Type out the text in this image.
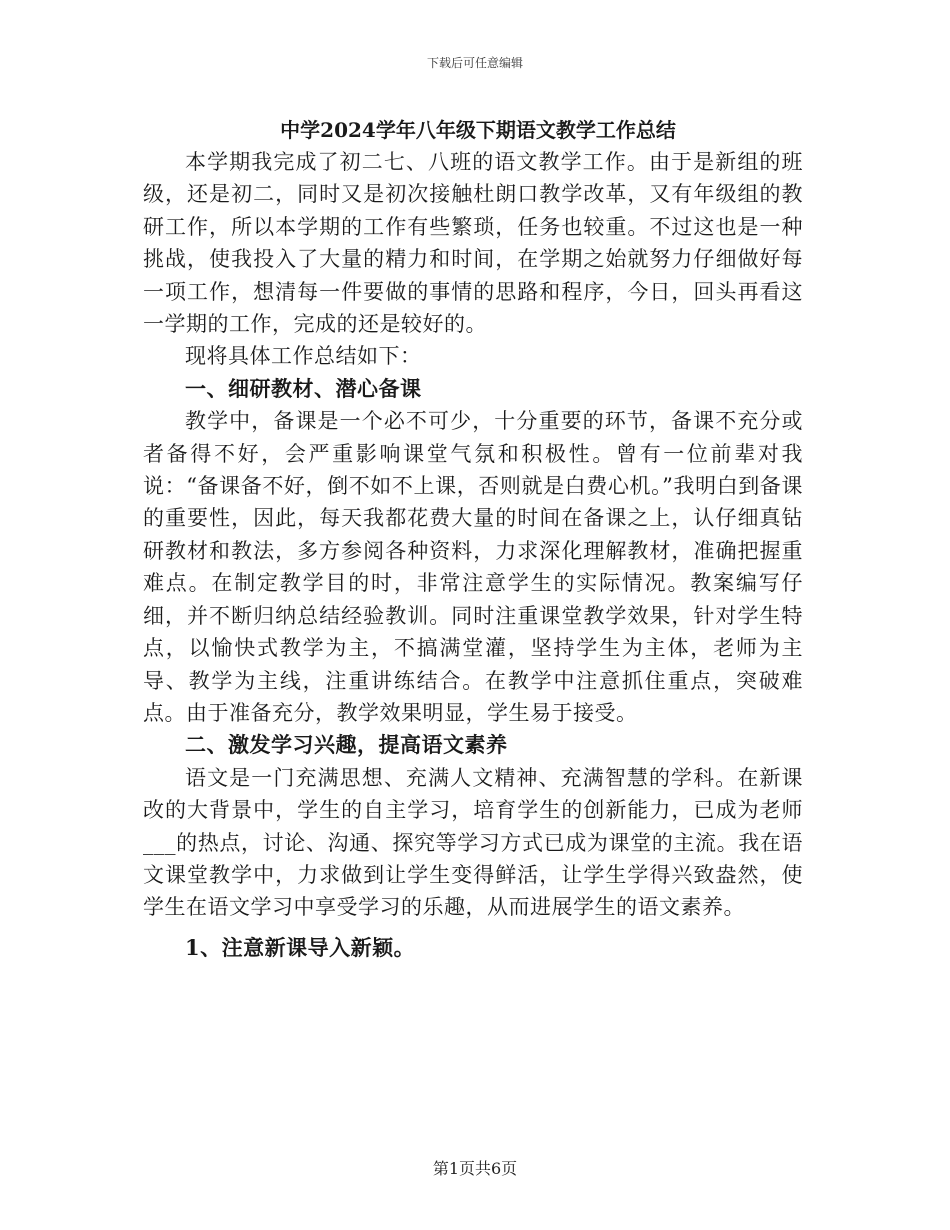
下载后可任意编辑
中学2024学年八年级下期语文教学工作总结

本学期我完成了初二七、八班的语文教学工作。由于是新组的班级，还是初二，同时又是初次接触杜朗口教学改革，又有年级组的教研工作，所以本学期的工作有些繁琐，任务也较重。不过这也是一种挑战，使我投入了大量的精力和时间，在学期之始就努力仔细做好每一项工作，想清每一件要做的事情的思路和程序，今日，回头再看这一学期的工作，完成的还是较好的。

现将具体工作总结如下：

一、细研教材、潜心备课

教学中，备课是一个必不可少，十分重要的环节，备课不充分或者备得不好，会严重影响课堂气氛和积极性。曾有一位前辈对我说：“备课备不好，倒不如不上课，否则就是白费心机。”我明白到备课的重要性，因此，每天我都花费大量的时间在备课之上，认仔细真钻研教材和教法，多方参阅各种资料，力求深化理解教材，准确把握重难点。在制定教学目的时，非常注意学生的实际情况。教案编写仔细，并不断归纳总结经验教训。同时注重课堂教学效果，针对学生特点，以愉快式教学为主，不搞满堂灌，坚持学生为主体，老师为主导、教学为主线，注重讲练结合。在教学中注意抓住重点，突破难点。由于准备充分，教学效果明显，学生易于接受。

二、激发学习兴趣，提高语文素养

语文是一门充满思想、充满人文精神、充满智慧的学科。在新课改的大背景中，学生的自主学习，培育学生的创新能力，已成为老师___的热点，讨论、沟通、探究等学习方式已成为课堂的主流。我在语文课堂教学中，力求做到让学生变得鲜活，让学生学得兴致盎然，使学生在语文学习中享受学习的乐趣，从而进展学生的语文素养。

1、注意新课导入新颖。

第1页共6页
